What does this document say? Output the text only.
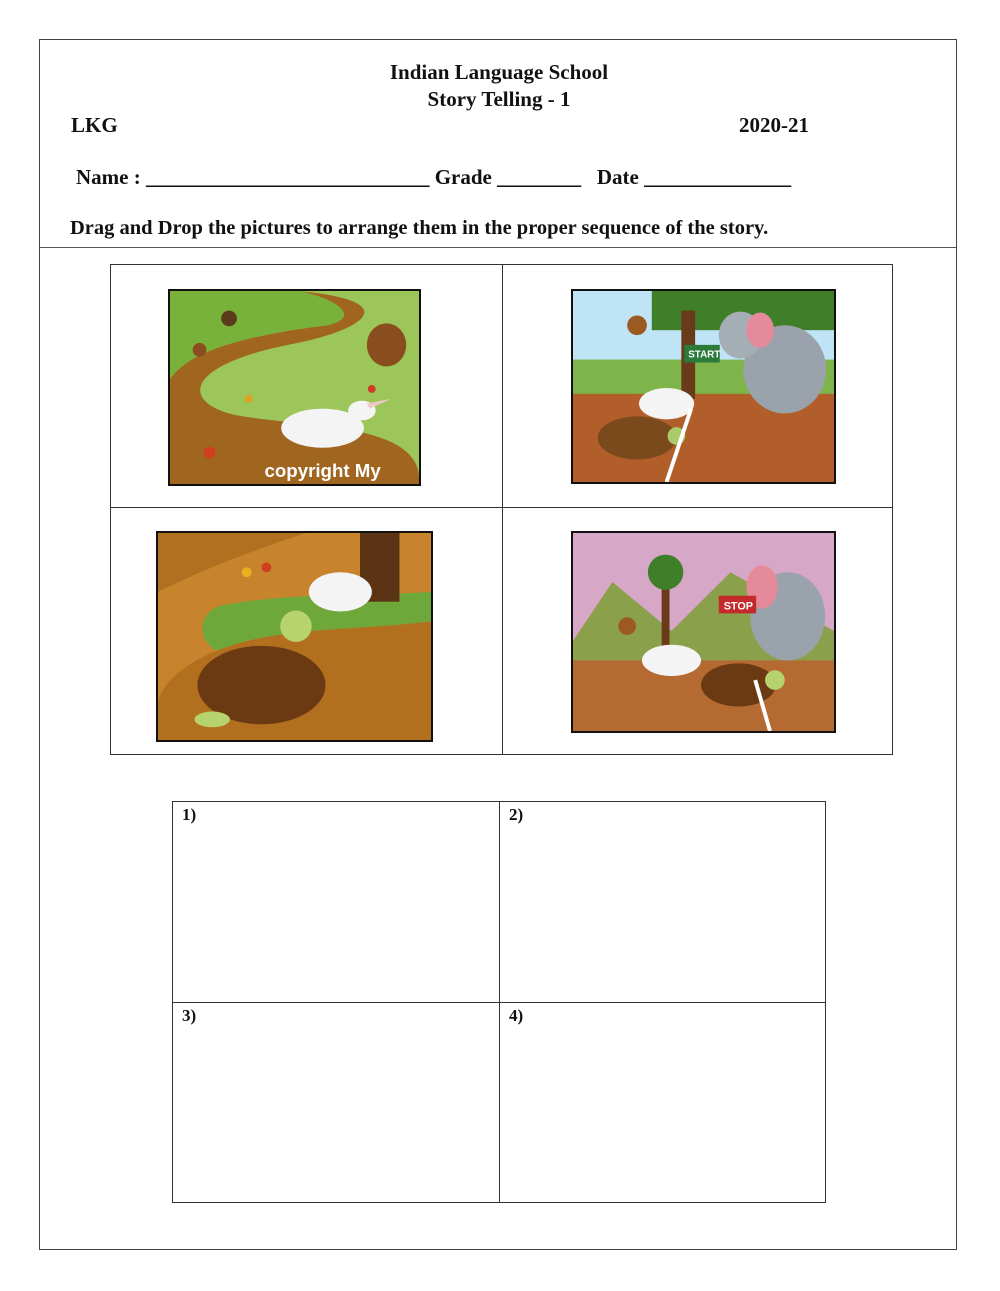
Indian Language School
Story Telling - 1
LKG	2020-21
Name : ___________________________ Grade ________   Date ______________
Drag and Drop the pictures to arrange them in the proper sequence of the story.
copyright My
START
STOP
1)	2)
3)	4)
